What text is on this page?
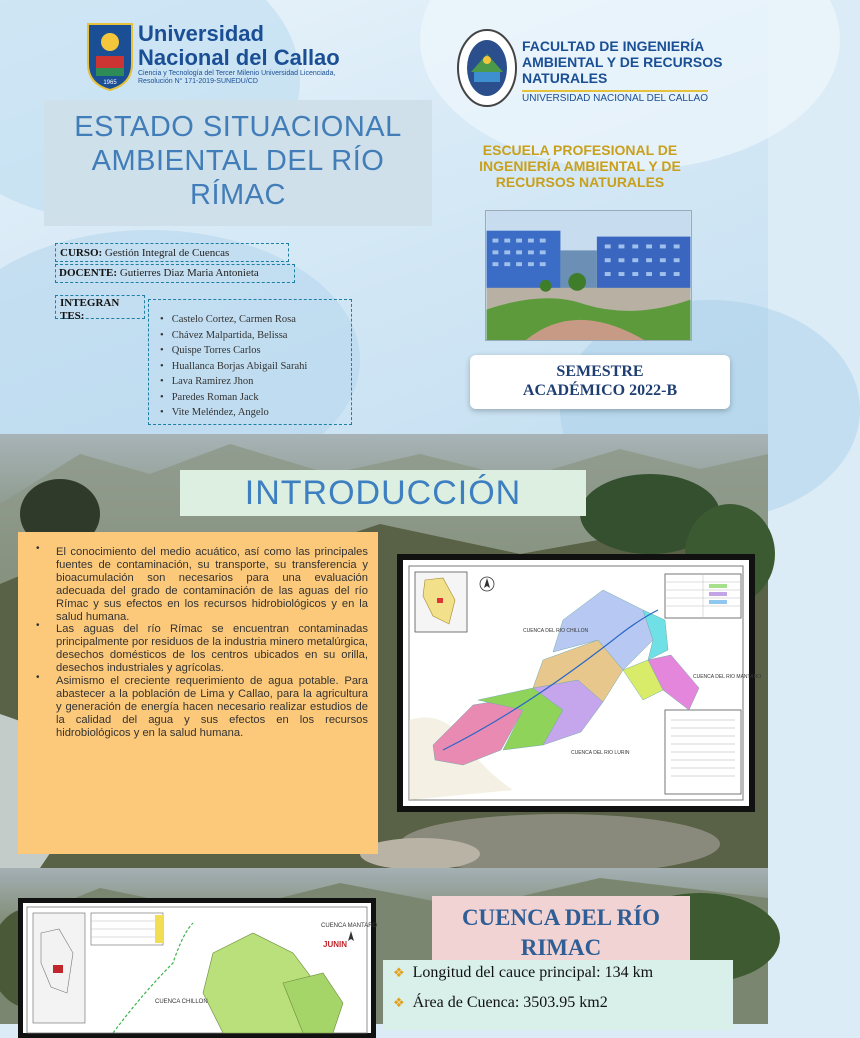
1965
Universidad
Nacional del Callao
Ciencia y Tecnología del Tercer Milenio Universidad Licenciada, Resolución N° 171-2019-SUNEDU/CD
FACULTAD DE INGENIERÍA AMBIENTAL Y DE RECURSOS NATURALES
UNIVERSIDAD NACIONAL DEL CALLAO
ESTADO SITUACIONAL AMBIENTAL DEL RÍO RÍMAC
ESCUELA PROFESIONAL DE INGENIERÍA AMBIENTAL Y DE RECURSOS NATURALES
SEMESTRE
ACADÉMICO 2022-B
CURSO: Gestión Integral de Cuencas
DOCENTE: Gutierres Diaz Maria Antonieta
INTEGRAN
TES:
•	Castelo Cortez, Carmen Rosa
• Chávez Malpartida, Belissa
• Quispe Torres Carlos
• Huallanca Borjas Abigail Sarahi
• Lava Ramirez Jhon
• Paredes Roman Jack
• Vite Meléndez, Angelo
INTRODUCCIÓN
• El conocimiento del medio acuático, así como las principales fuentes de contaminación, su transporte, su transferencia y bioacumulación son necesarios para una evaluación adecuada del grado de contaminación de las aguas del río Rímac y sus efectos en los recursos hidrobiológicos y en la salud humana.
• Las aguas del río Rímac se encuentran contaminadas principalmente por residuos de la industria minero metalúrgica, desechos domésticos de los centros ubicados en su orilla, desechos industriales y agrícolas.
• Asimismo el creciente requerimiento de agua potable. Para abastecer a la población de Lima y Callao, para la agricultura y generación de energía hacen necesario realizar estudios de la calidad del agua y sus efectos en los recursos hidrobiológicos y en la salud humana.
CUENCA DEL RIO CHILLON
CUENCA DEL RIO MANTARO
CUENCA DEL RIO LURIN
CUENCA MANTARO
JUNIN
CUENCA CHILLON
CUENCA DEL RÍO RIMAC
❖ Longitud del cauce principal: 134 km
❖ Área de Cuenca: 3503.95 km2
